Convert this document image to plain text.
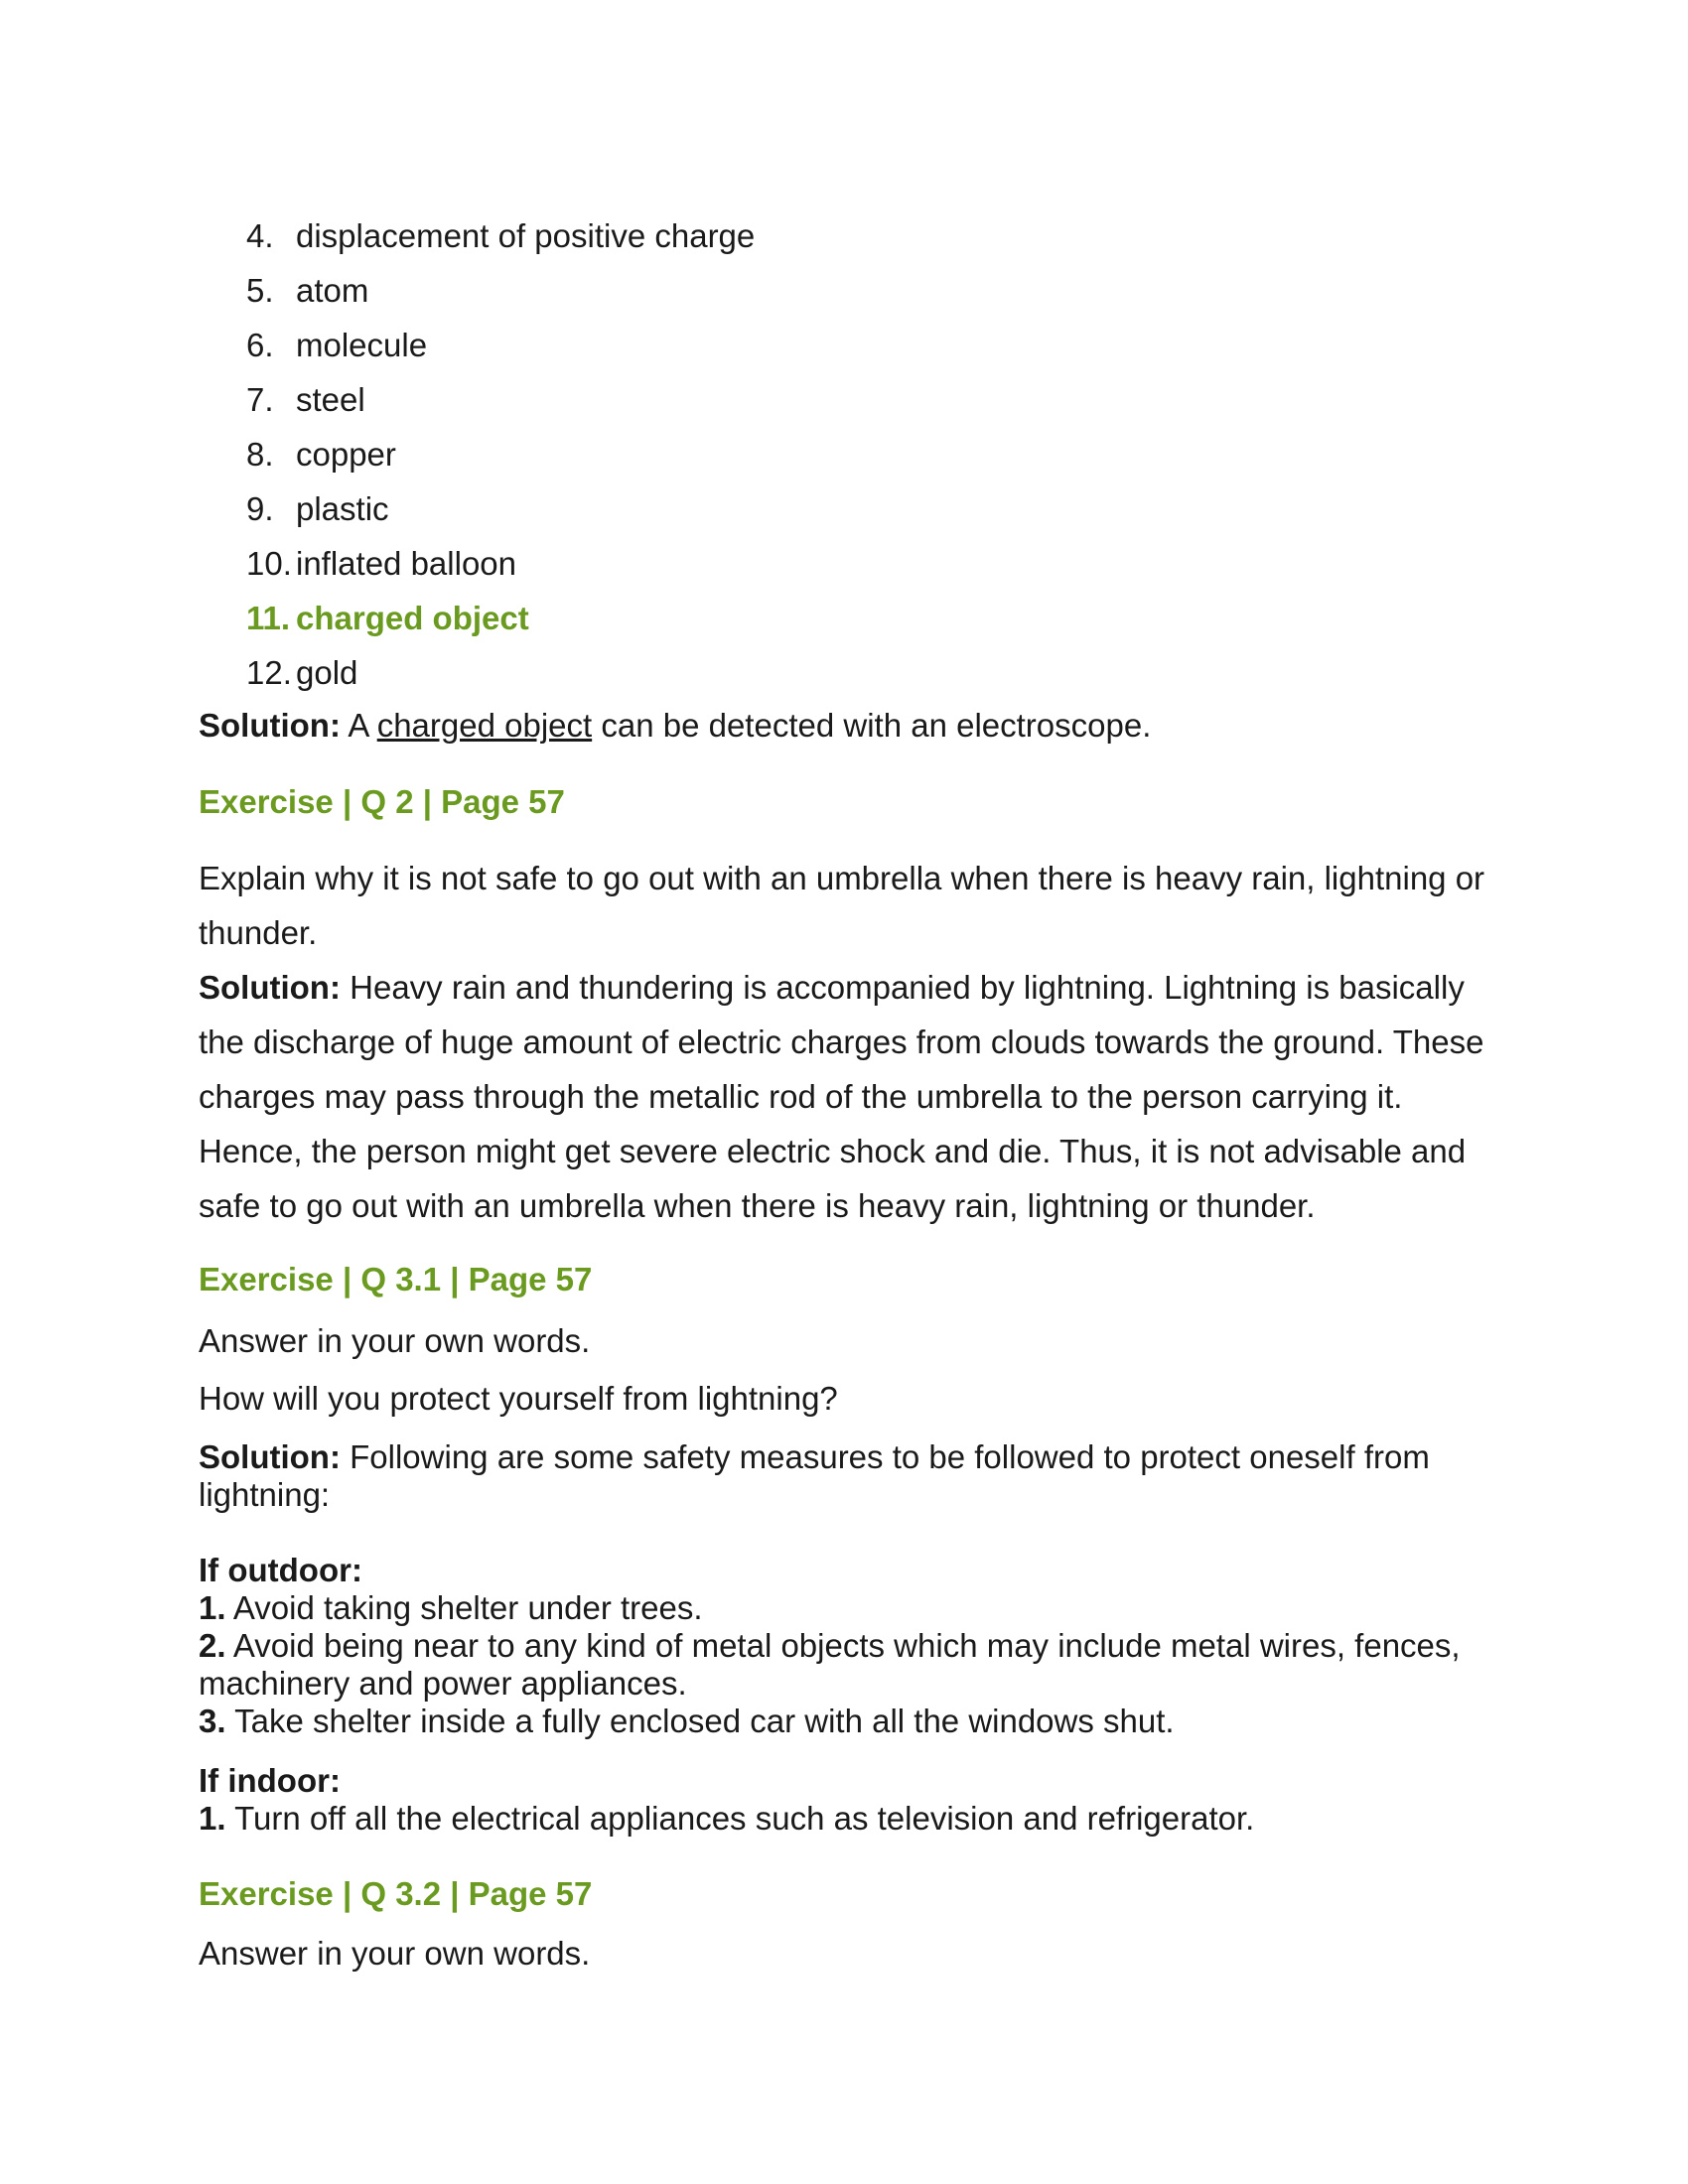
4. displacement of positive charge
5. atom
6. molecule
7. steel
8. copper
9. plastic
10. inflated balloon
11. charged object
12. gold
Solution: A charged object can be detected with an electroscope.
Exercise | Q 2 | Page 57
Explain why it is not safe to go out with an umbrella when there is heavy rain, lightning or thunder.
Solution: Heavy rain and thundering is accompanied by lightning. Lightning is basically the discharge of huge amount of electric charges from clouds towards the ground. These charges may pass through the metallic rod of the umbrella to the person carrying it. Hence, the person might get severe electric shock and die. Thus, it is not advisable and safe to go out with an umbrella when there is heavy rain, lightning or thunder.
Exercise | Q 3.1 | Page 57
Answer in your own words.
How will you protect yourself from lightning?
Solution: Following are some safety measures to be followed to protect oneself from lightning:
If outdoor:
1. Avoid taking shelter under trees.
2. Avoid being near to any kind of metal objects which may include metal wires, fences, machinery and power appliances.
3. Take shelter inside a fully enclosed car with all the windows shut.
If indoor:
1. Turn off all the electrical appliances such as television and refrigerator.
Exercise | Q 3.2 | Page 57
Answer in your own words.
